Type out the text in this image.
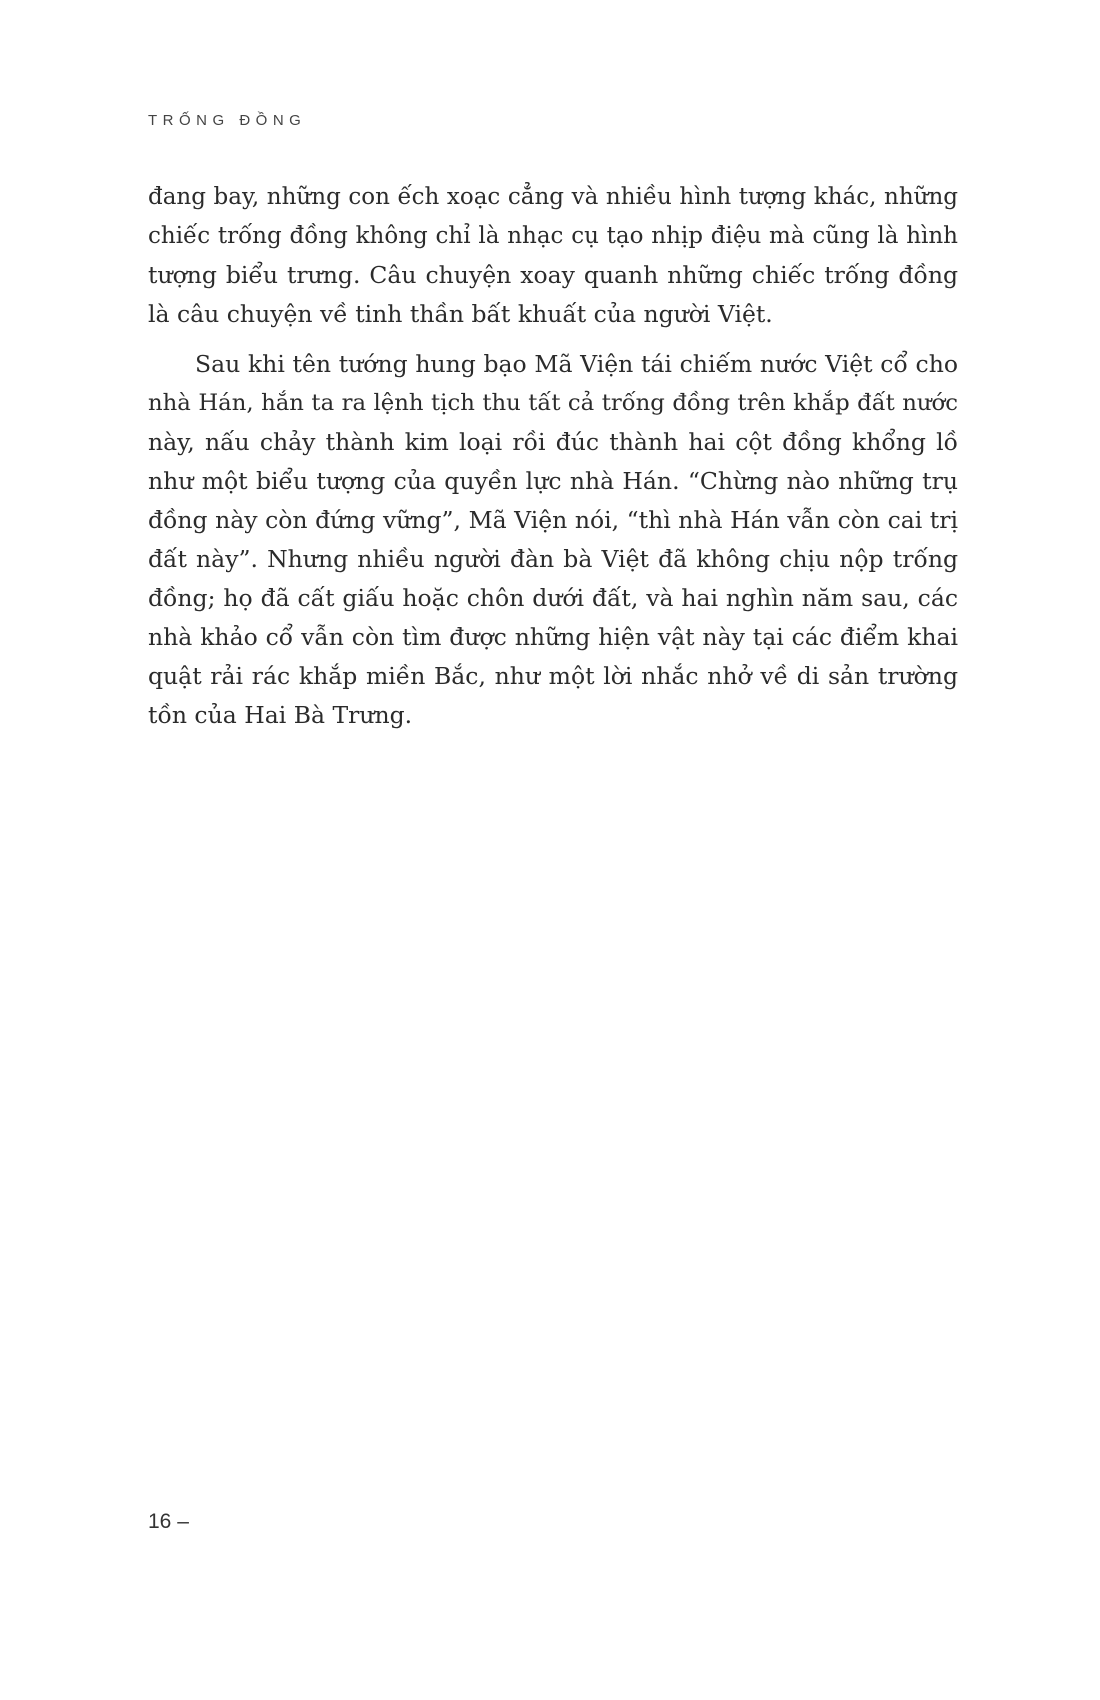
TRỐNG ĐỒNG

đang bay, những con ếch xoạc cẳng và nhiều hình tượng khác, những
chiếc trống đồng không chỉ là nhạc cụ tạo nhịp điệu mà cũng là hình
tượng biểu trưng. Câu chuyện xoay quanh những chiếc trống đồng
là câu chuyện về tinh thần bất khuất của người Việt.

Sau khi tên tướng hung bạo Mã Viện tái chiếm nước Việt cổ cho
nhà Hán, hắn ta ra lệnh tịch thu tất cả trống đồng trên khắp đất nước
này, nấu chảy thành kim loại rồi đúc thành hai cột đồng khổng lồ
như một biểu tượng của quyền lực nhà Hán. “Chừng nào những trụ
đồng này còn đứng vững”, Mã Viện nói, “thì nhà Hán vẫn còn cai trị
đất này”. Nhưng nhiều người đàn bà Việt đã không chịu nộp trống
đồng; họ đã cất giấu hoặc chôn dưới đất, và hai nghìn năm sau, các
nhà khảo cổ vẫn còn tìm được những hiện vật này tại các điểm khai
quật rải rác khắp miền Bắc, như một lời nhắc nhở về di sản trường
tồn của Hai Bà Trưng.

16 –
